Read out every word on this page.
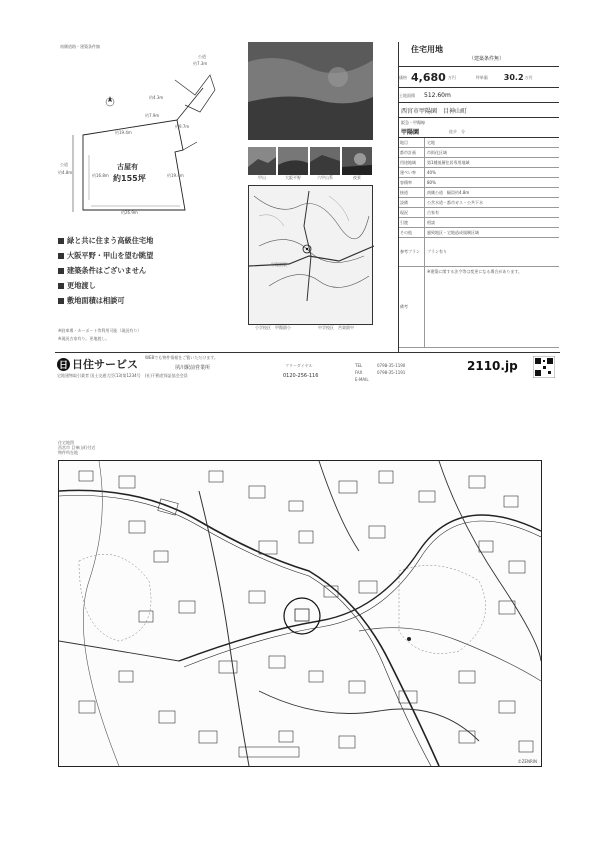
南側道路・建築条件無
公道
約7.3m
約4.3m
約7.9m
約19.4m
約9.7m
約16.8m	約19.4m
約26.9m
公道
約4.8m
古屋有
約155坪	甲山	大阪平野	六甲山系	夜景
甲陽園駅
小学校区　甲陽園小	中学校区　苦楽園中
緑と共に住まう高級住宅地
大阪平野・甲山を望む眺望
建築条件はございません
更地渡し
敷地面積は相談可
※駐車場・カーポート等利用可能（現況有り）
※現況古家有り。更地渡し。
住宅用地
（建築条件無）
価格 4,680 万円	坪単価 30.2 万円
土地面積 512.60m
西宮市甲陽園　目神山町
阪急・甲陽線
甲陽園	徒歩　分
地目	宅地
都市計画	市街化区域
用途地域	第1種低層住居専用地域
建ぺい率	40%
容積率	80%
接道	南側公道　幅員約4.8m
設備	公営水道・都市ガス・公共下水
現況	古家有
引渡	相談
その他	風致地区・宅地造成規制区域
参考プラン	プラン有り
備考
※建築に関する法令等は変更になる場合があります。
日 日住サービス
WEBでも物件情報をご覧いただけます。
夙川駅前営業所
宅地建物取引業者 国土交通大臣(13)第1234号　(社)不動産保証協会会員
フリーダイヤル
0120-256-116
TEL	0798-35-1190
FAX	0798-35-1191
E-MAIL
2110.jp
住宅地図
西宮市 目神山町付近
物件所在地
©ZENRIN
